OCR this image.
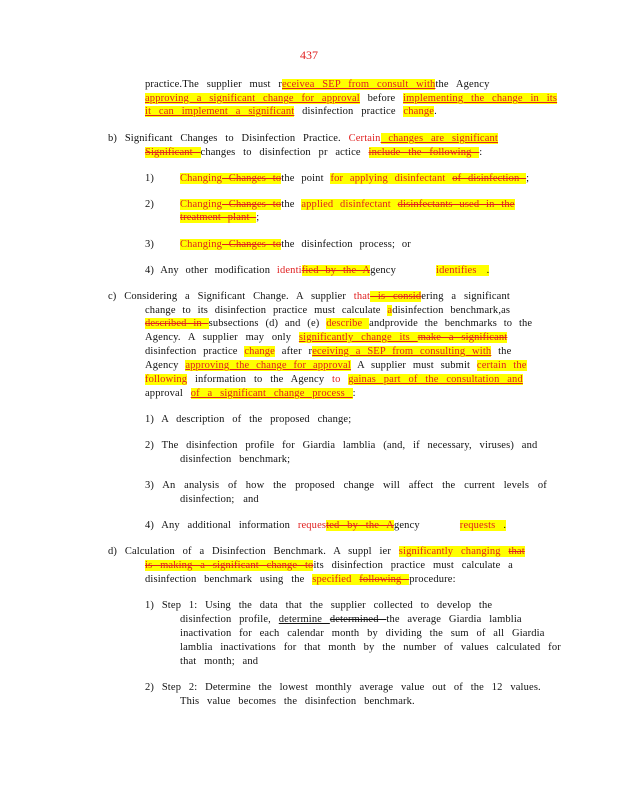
437
practice.The supplier must receivea SEP from consult withthe Agency
approving a significant change for approval before implementing the change in its
it can implement a significant disinfection practice change.
b) Significant Changes to Disinfection Practice. Certain changes are significant
Significant changes to disinfection pr actice include the following :
1) Changing Changes tothe point for applying disinfectant of disinfection ;
2) Changing Changes tothe applied disinfectant disinfectants used in the
treatment plant ;
3) Changing Changes tothe disinfection process; or
4) Any other modification identified by the Agency	identifies .
c) Considering a Significant Change. A supplier that is considering a significant
change to its disinfection practice must calculate adisinfection benchmark,as
described in subsections (d) and (e) describe andprovide the benchmarks to the
Agency. A supplier may only significantly change its make a significant
disinfection practice change after receiving a SEP from consulting with the
Agency approving the change for approval A supplier must submit certain the
following information to the Agency to gainas part of the consultation and
approval of a significant change process :
1) A description of the proposed change;
2) The disinfection profile for Giardia lamblia (and, if necessary, viruses) and
disinfection benchmark;
3) An analysis of how the proposed change will affect the current levels of
disinfection; and
4) Any additional information requested by the Agency	requests .
d) Calculation of a Disinfection Benchmark. A suppl ier significantly changing that
is making a significant change toits disinfection practice must calculate a
disinfection benchmark using the specified following procedure:
1) Step 1: Using the data that the supplier collected to develop the
disinfection profile, determine determined the average Giardia lamblia
inactivation for each calendar month by dividing the sum of all Giardia
lamblia inactivations for that month by the number of values calculated for
that month; and
2) Step 2: Determine the lowest monthly average value out of the 12 values.
This value becomes the disinfection benchmark.
